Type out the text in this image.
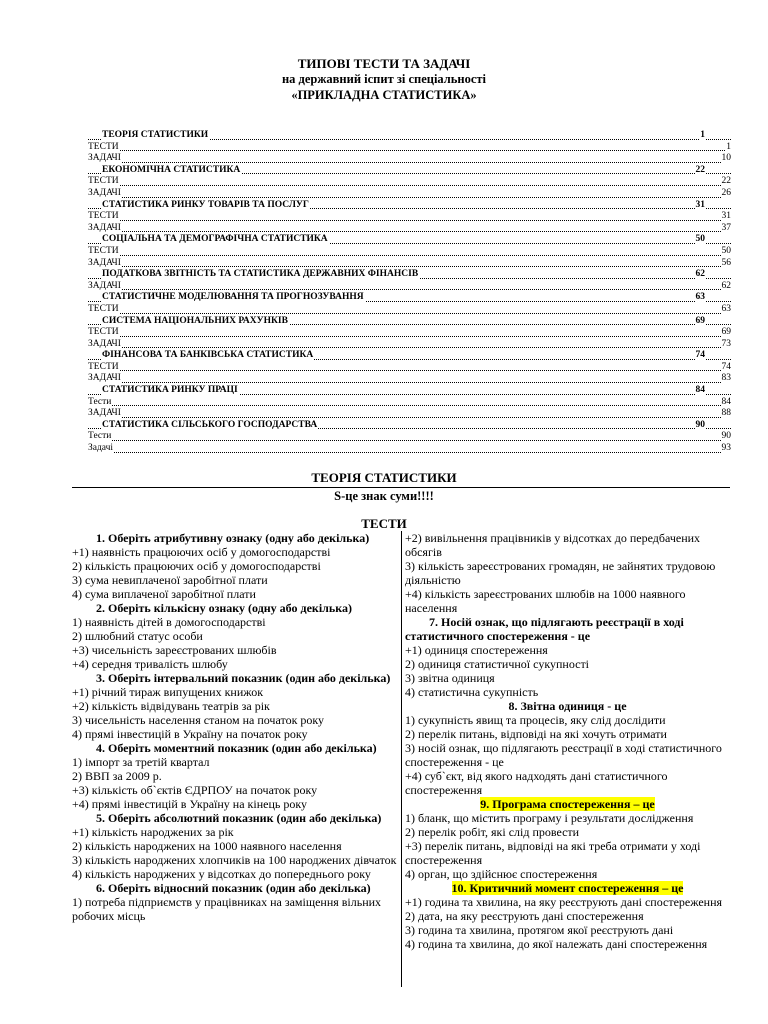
ТИПОВІ ТЕСТИ ТА ЗАДАЧІ
на державний іспит зі спеціальності
«ПРИКЛАДНА СТАТИСТИКА»
ТЕОРІЯ СТАТИСТИКИ	1
ТЕСТИ	1
ЗАДАЧІ	10
ЕКОНОМІЧНА СТАТИСТИКА	22
ТЕСТИ	22
ЗАДАЧІ	26
СТАТИСТИКА РИНКУ ТОВАРІВ ТА ПОСЛУГ	31
ТЕСТИ	31
ЗАДАЧІ	37
СОЦІАЛЬНА ТА ДЕМОГРАФІЧНА СТАТИСТИКА	50
ТЕСТИ	50
ЗАДАЧІ	56
ПОДАТКОВА ЗВІТНІСТЬ ТА СТАТИСТИКА ДЕРЖАВНИХ ФІНАНСІВ	62
ЗАДАЧІ	62
СТАТИСТИЧНЕ МОДЕЛЮВАННЯ ТА ПРОГНОЗУВАННЯ	63
ТЕСТИ	63
СИСТЕМА НАЦІОНАЛЬНИХ РАХУНКІВ	69
ТЕСТИ	69
ЗАДАЧІ	73
ФІНАНСОВА ТА БАНКІВСЬКА СТАТИСТИКА	74
ТЕСТИ	74
ЗАДАЧІ	83
СТАТИСТИКА РИНКУ ПРАЦІ	84
Тести	84
ЗАДАЧІ	88
СТАТИСТИКА СІЛЬСЬКОГО ГОСПОДАРСТВА	90
Тести	90
Задачі	93
ТЕОРІЯ СТАТИСТИКИ
S-це знак суми!!!!
ТЕСТИ
1. Оберіть атрибутивну ознаку (одну або декілька)
+1) наявність працюючих осіб у домогосподарстві
2) кількість працюючих осіб у домогосподарстві
3) сума невиплаченої заробітної плати
4) сума виплаченої заробітної плати
2. Оберіть кількісну ознаку (одну або декілька)
1) наявність дітей в домогосподарстві
2) шлюбний статус особи
+3) чисельність зареєстрованих шлюбів
+4) середня тривалість шлюбу
3. Оберіть інтервальний показник (один або декілька)
+1) річний тираж випущених книжок
+2) кількість відвідувань театрів за рік
3) чисельність населення станом на початок року
4) прямі інвестицій в Україну на початок року
4. Оберіть моментний показник (один або декілька)
1) імпорт за третій квартал
2) ВВП за 2009 р.
+3) кількість об`єктів ЄДРПОУ на початок року
+4) прямі інвестицій в Україну на кінець року
5. Оберіть абсолютний показник (один або декілька)
+1) кількість народжених за рік
2) кількість народжених на 1000 наявного населення
3) кількість народжених хлопчиків на 100 народжених дівчаток
4) кількість народжених у відсотках до попереднього року
6. Оберіть відносний показник (один або декілька)
1) потреба підприємств у працівниках на заміщення вільних робочих місць
+2) вивільнення працівників у відсотках до передбачених обсягів
3) кількість зареєстрованих громадян, не зайнятих трудовою діяльністю
+4) кількість зареєстрованих шлюбів на 1000 наявного населення
7. Носій ознак, що підлягають реєстрації в ході статистичного спостереження - це
+1) одиниця спостереження
2) одиниця статистичної сукупності
3) звітна одиниця
4) статистична сукупність
8. Звітна одиниця - це
1) сукупність явищ та процесів, яку слід дослідити
2) перелік питань, відповіді на які хочуть отримати
3) носій ознак, що підлягають реєстрації в ході статистичного спостереження - це
+4) суб`єкт, від якого надходять дані статистичного спостереження
9. Програма спостереження – це
1) бланк, що містить програму і результати дослідження
2) перелік робіт, які слід провести
+3) перелік питань, відповіді на які треба отримати у ході спостереження
4) орган, що здійснює спостереження
10. Критичний момент спостереження – це
+1) година та хвилина, на яку реєструють дані спостереження
2) дата, на яку реєструють дані спостереження
3) година та хвилина, протягом якої реєструють дані
4) година та хвилина, до якої належать дані спостереження
